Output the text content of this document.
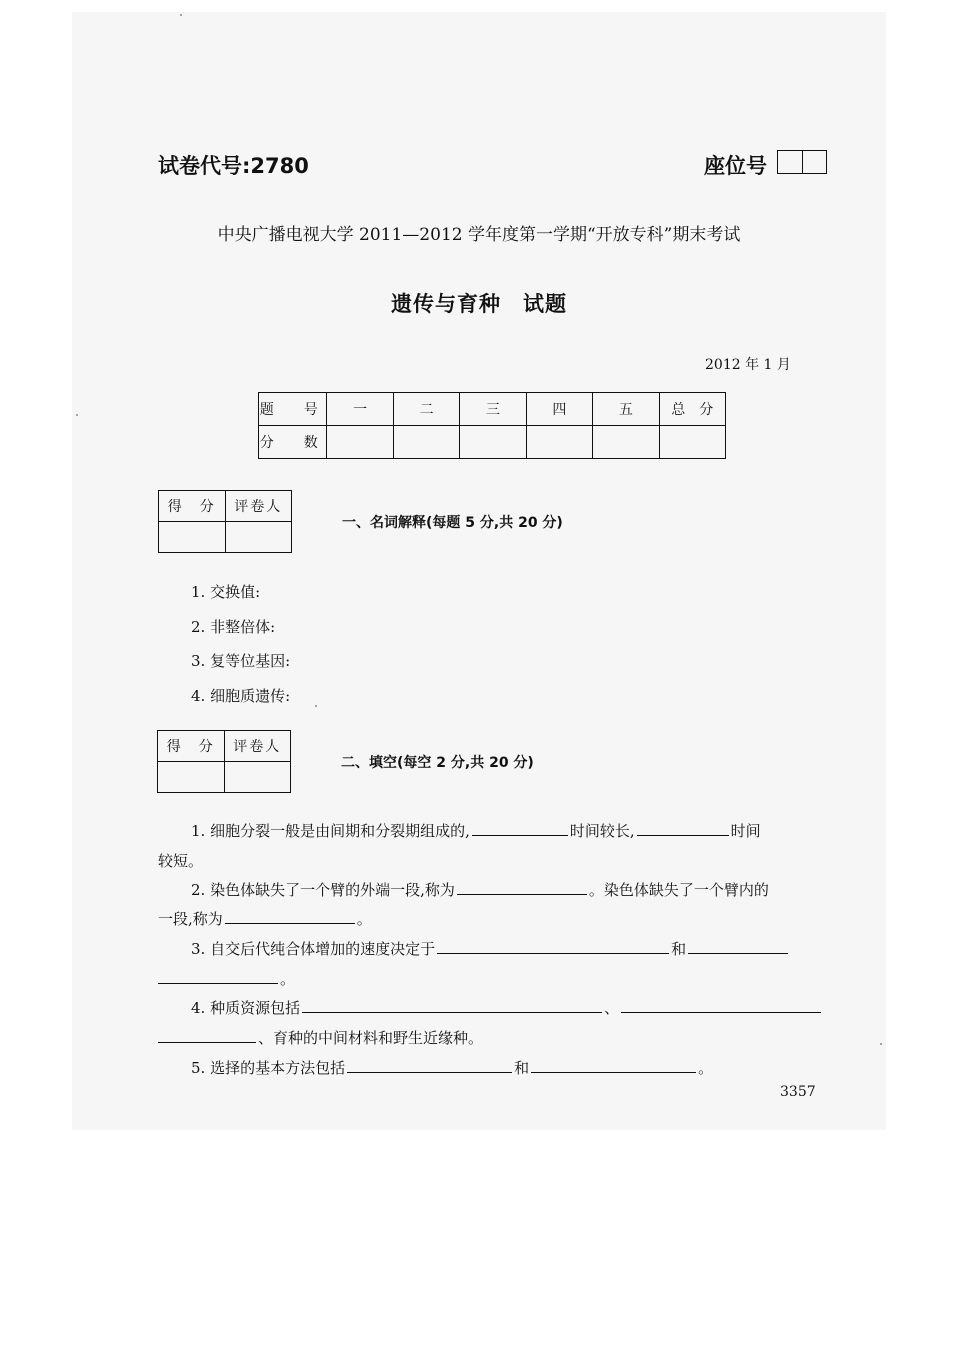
试卷代号:2780	座位号
中央广播电视大学 2011—2012 学年度第一学期“开放专科”期末考试
遗传与育种　试题
2012 年 1 月
题　号	一	二	三	四	五	总　分
分　数						
得　分	评卷人

一、名词解释(每题 5 分,共 20 分)
1. 交换值:
2. 非整倍体:
3. 复等位基因:
4. 细胞质遗传:
得　分	评卷人

二、填空(每空 2 分,共 20 分)
1. 细胞分裂一般是由间期和分裂期组成的,	时间较长,	时间
较短。
2. 染色体缺失了一个臂的外端一段,称为	。染色体缺失了一个臂内的
一段,称为	。
3. 自交后代纯合体增加的速度决定于	和
。
4. 种质资源包括	、
、育种的中间材料和野生近缘种。
5. 选择的基本方法包括	和	。
3357
